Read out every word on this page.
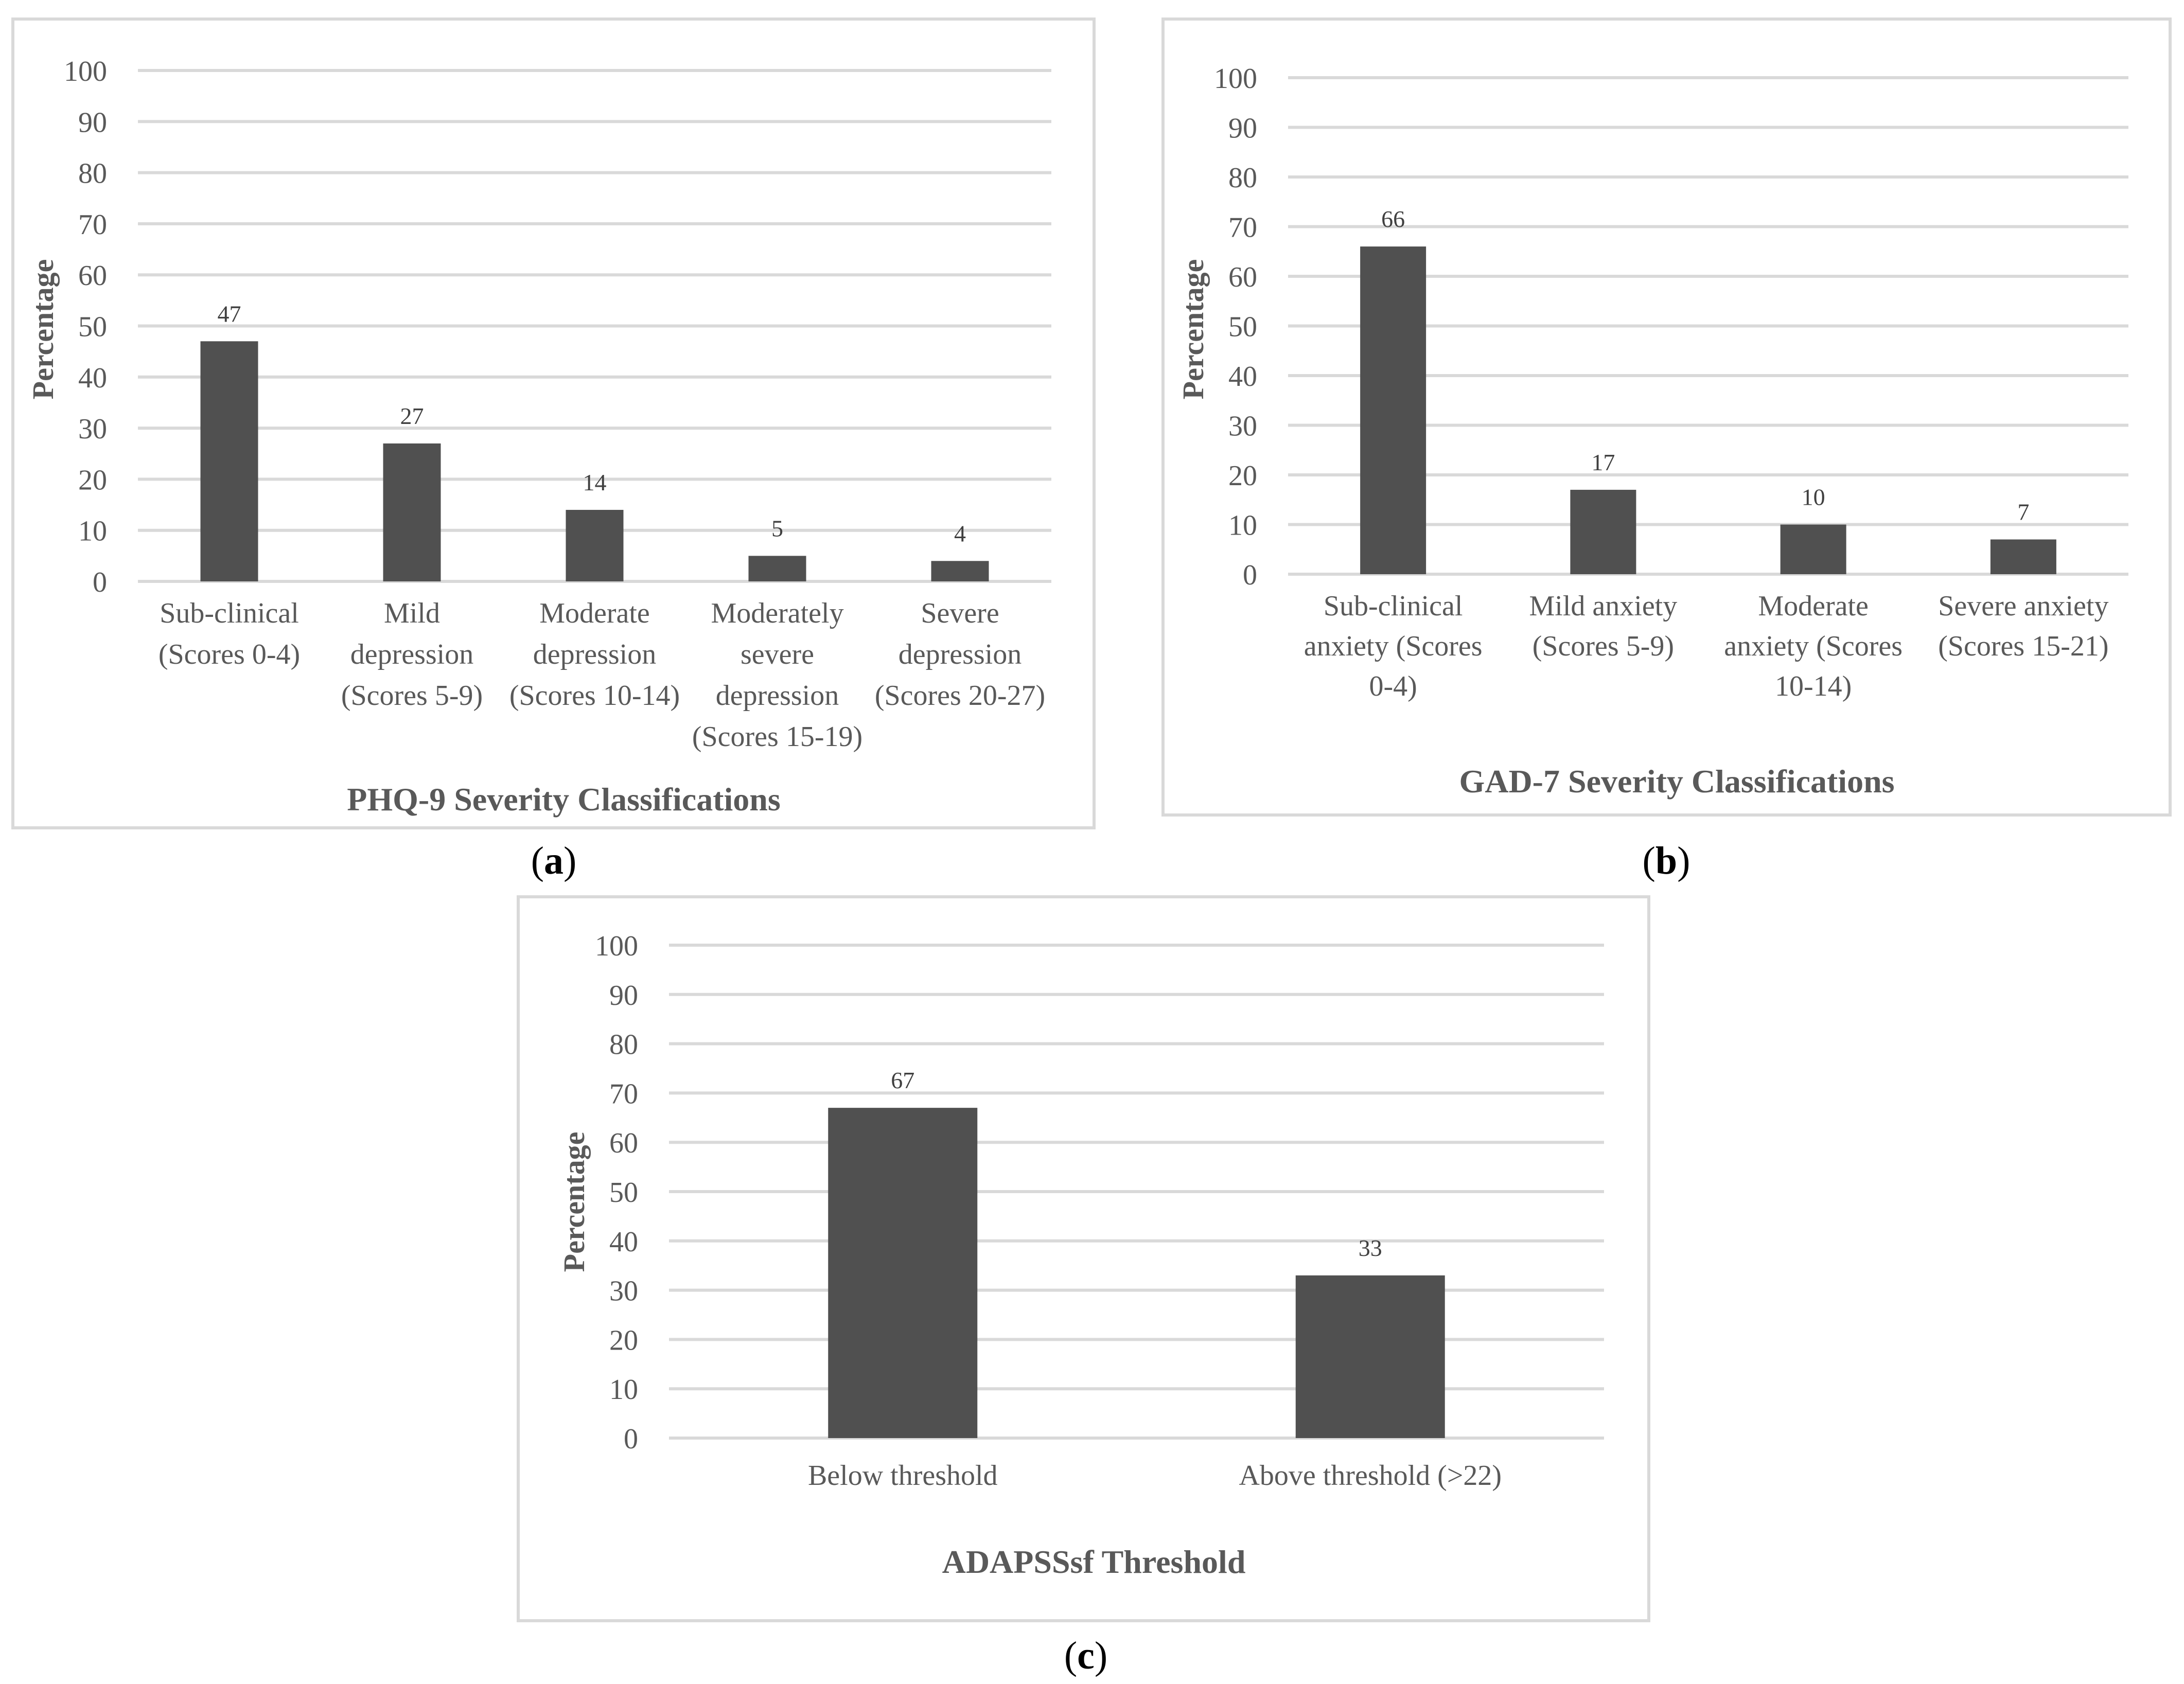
0
10
20
30
40
50
60
70
80
90
100
Percentage	47
Sub-clinical
(Scores 0-4)
27
Mild
depression
(Scores 5-9)
14
Moderate
depression
(Scores 10-14)
5
Moderately
severe
depression
(Scores 15-19)
4
Severe
depression
(Scores 20-27)
PHQ-9 Severity Classifications
0
10
20
30
40
50
60
70
80
90
100
Percentage
66
Sub-clinical
anxiety (Scores
0-4)
17
Mild anxiety
(Scores 5-9)
10
Moderate
anxiety (Scores
10-14)
7
Severe anxiety
(Scores 15-21)
GAD-7 Severity Classifications
0
10
20
30
40
50
60
70
80
90
100
Percentage
67
Below threshold
33
Above threshold (>22)
ADAPSSsf Threshold
(a)	(b)
(c)
